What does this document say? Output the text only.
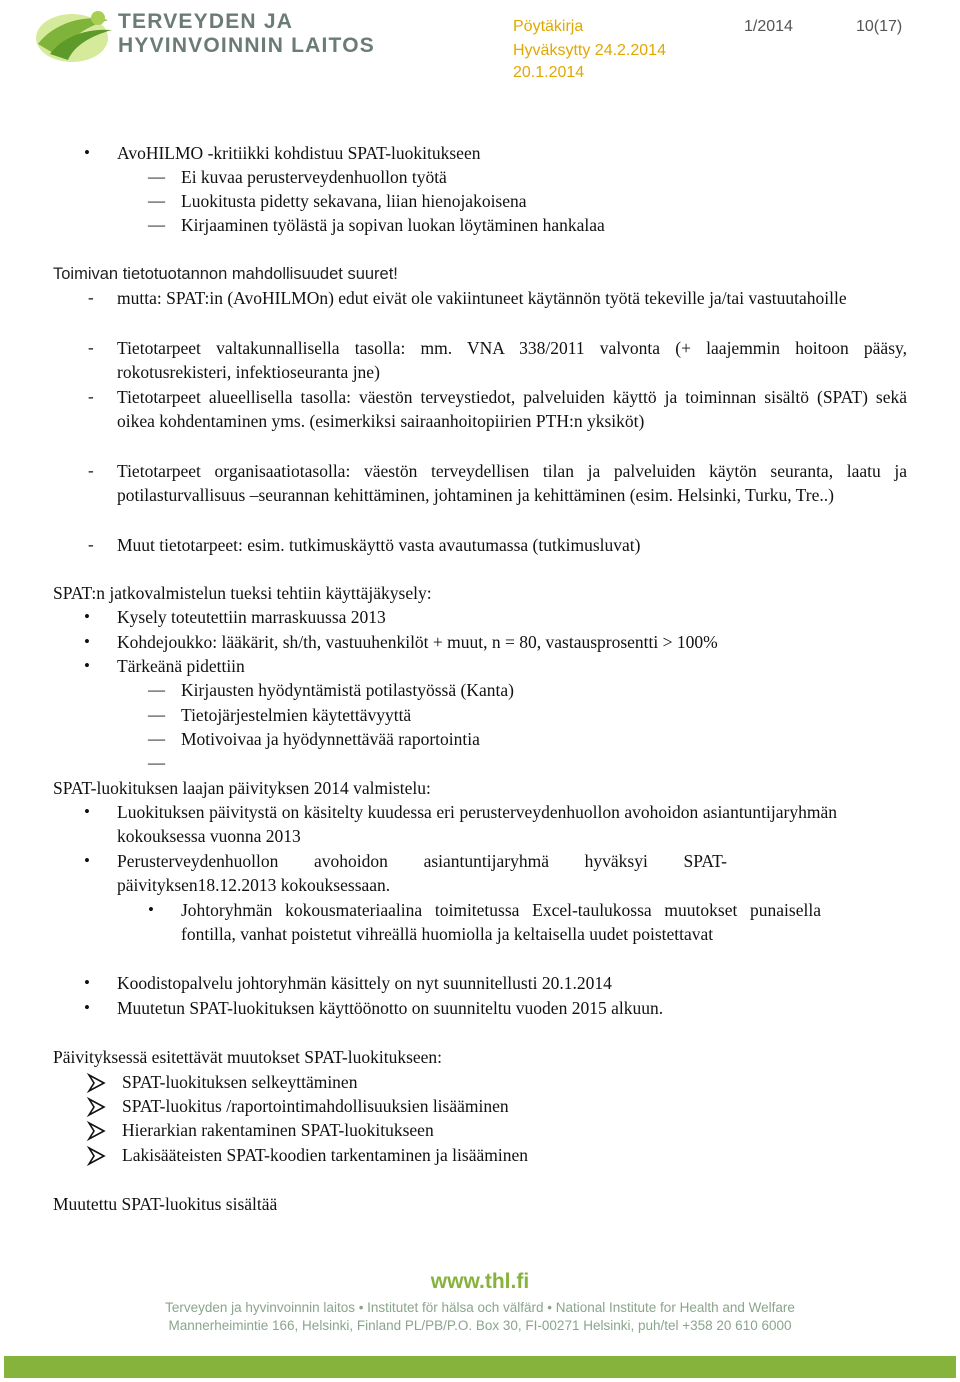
TERVEYDEN JA
HYVINVOINNIN LAITOS
Pöytäkirja	1/2014	10(17)
Hyväksytty 24.2.2014
20.1.2014
• AvoHILMO -kritiikki kohdistuu SPAT-luokitukseen
— Ei kuvaa perusterveydenhuollon työtä
— Luokitusta pidetty sekavana, liian hienojakoisena
— Kirjaaminen työlästä ja sopivan luokan löytäminen hankalaa
Toimivan tietotuotannon mahdollisuudet suuret!
- mutta: SPAT:in (AvoHILMOn) edut eivät ole vakiintuneet käytännön työtä tekeville ja/tai vastuutahoille
- Tietotarpeet valtakunnallisella tasolla: mm. VNA 338/2011 valvonta (+ laajemmin hoitoon pääsy, rokotusrekisteri, infektioseuranta jne)
- Tietotarpeet alueellisella tasolla: väestön terveystiedot, palveluiden käyttö ja toiminnan sisältö (SPAT) sekä oikea kohdentaminen yms. (esimerkiksi sairaanhoitopiirien PTH:n yksiköt)
- Tietotarpeet organisaatiotasolla: väestön terveydellisen tilan ja palveluiden käytön seuranta, laatu ja potilasturvallisuus –seurannan kehittäminen, johtaminen ja kehittäminen (esim. Helsinki, Turku, Tre..)
- Muut tietotarpeet: esim. tutkimuskäyttö vasta avautumassa (tutkimusluvat)
SPAT:n jatkovalmistelun tueksi tehtiin käyttäjäkysely:
• Kysely toteutettiin marraskuussa 2013
• Kohdejoukko: lääkärit, sh/th, vastuuhenkilöt + muut, n = 80, vastausprosentti > 100%
• Tärkeänä pidettiin
— Kirjausten hyödyntämistä potilastyössä (Kanta)
— Tietojärjestelmien käytettävyyttä
— Motivoivaa ja hyödynnettävää raportointia
—
SPAT-luokituksen laajan päivityksen 2014 valmistelu:
• Luokituksen päivitystä on käsitelty kuudessa eri perusterveydenhuollon avohoidon asiantuntijaryhmän kokouksessa vuonna 2013
• Perusterveydenhuollon avohoidon asiantuntijaryhmä hyväksyi SPAT-päivityksen18.12.2013 kokouksessaan.
• Johtoryhmän kokousmateriaalina toimitetussa Excel-taulukossa muutokset punaisella fontilla, vanhat poistetut vihreällä huomiolla ja keltaisella uudet poistettavat
• Koodistopalvelu johtoryhmän käsittely on nyt suunnitellusti 20.1.2014
• Muutetun SPAT-luokituksen käyttöönotto on suunniteltu vuoden 2015 alkuun.
Päivityksessä esitettävät muutokset SPAT-luokitukseen:
SPAT-luokituksen selkeyttäminen
SPAT-luokitus /raportointimahdollisuuksien lisääminen
Hierarkian rakentaminen SPAT-luokitukseen
Lakisääteisten SPAT-koodien tarkentaminen ja lisääminen
Muutettu SPAT-luokitus sisältää
www.thl.fi
Terveyden ja hyvinvoinnin laitos • Institutet för hälsa och välfärd • National Institute for Health and Welfare
Mannerheimintie 166, Helsinki, Finland PL/PB/P.O. Box 30, FI-00271 Helsinki, puh/tel +358 20 610 6000
